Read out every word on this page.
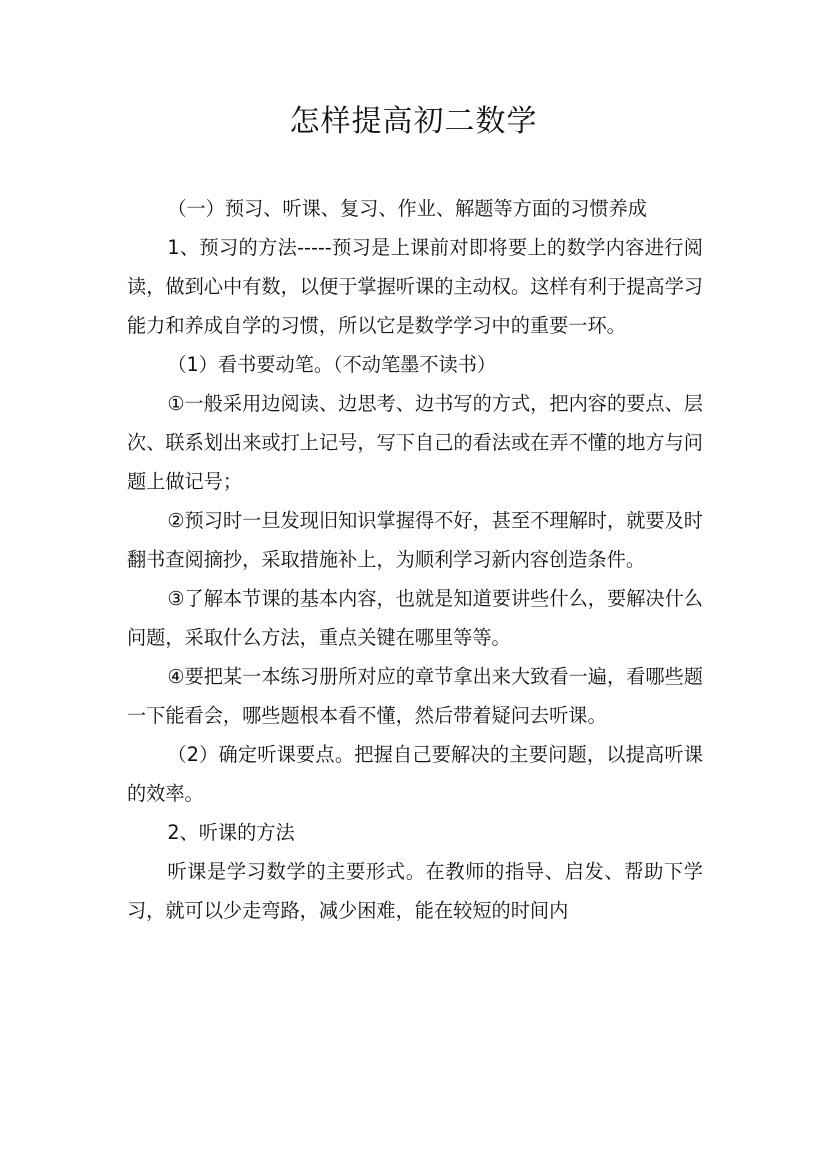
怎样提高初二数学

（一）预习、听课、复习、作业、解题等方面的习惯养成

1、预习的方法-----预习是上课前对即将要上的数学内容进行阅读，做到心中有数，以便于掌握听课的主动权。这样有利于提高学习能力和养成自学的习惯，所以它是数学学习中的重要一环。

（1）看书要动笔。（不动笔墨不读书）

①一般采用边阅读、边思考、边书写的方式，把内容的要点、层次、联系划出来或打上记号，写下自己的看法或在弄不懂的地方与问题上做记号；

②预习时一旦发现旧知识掌握得不好，甚至不理解时，就要及时翻书查阅摘抄，采取措施补上，为顺利学习新内容创造条件。

③了解本节课的基本内容，也就是知道要讲些什么，要解决什么问题，采取什么方法，重点关键在哪里等等。

④要把某一本练习册所对应的章节拿出来大致看一遍，看哪些题一下能看会，哪些题根本看不懂，然后带着疑问去听课。

（2）确定听课要点。把握自己要解决的主要问题，以提高听课的效率。

2、听课的方法

听课是学习数学的主要形式。在教师的指导、启发、帮助下学习，就可以少走弯路，减少困难，能在较短的时间内
